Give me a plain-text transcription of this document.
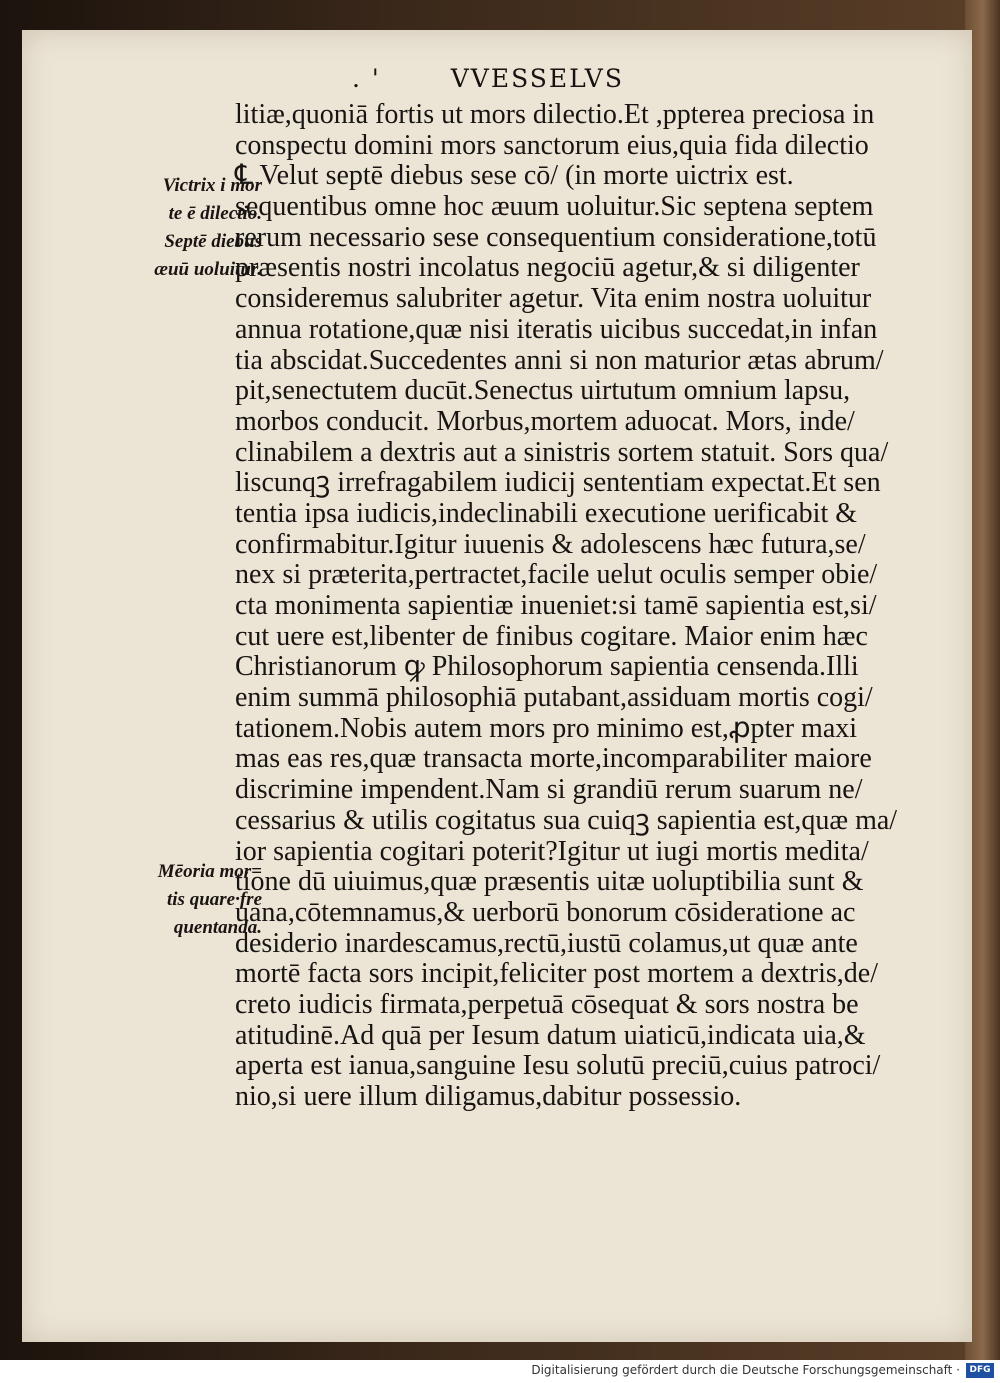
. '	VVESSELVS
Victrix i mor
te ē dilectio.
Septē diebus
æuū uoluitur.
Mēoria mor=
tis quare·fre
quentanda.
litiæ,quoniā fortis ut mors dilectio.Et ,ppterea preciosa in
conspectu domini mors sanctorum eius,quia fida dilectio
℄ Velut septē diebus sese cō/ (in morte uictrix est.
sequentibus omne hoc æuum uoluitur.Sic septena septem
rerum necessario sese consequentium consideratione,totū
præsentis nostri incolatus negociū agetur,& si diligenter
consideremus salubriter agetur. Vita enim nostra uoluitur
annua rotatione,quæ nisi iteratis uicibus succedat,in infan
tia abscidat.Succedentes anni si non maturior ætas abrum/
pit,senectutem ducūt.Senectus uirtutum omnium lapsu,
morbos conducit. Morbus,mortem aduocat. Mors, inde/
clinabilem a dextris aut a sinistris sortem statuit. Sors qua/
liscunqꝫ irrefragabilem iudicij sententiam expectat.Et sen
tentia ipsa iudicis,indeclinabili executione uerificabit &
confirmabitur.Igitur iuuenis & adolescens hæc futura,se/
nex si præterita,pertractet,facile uelut oculis semper obie/
cta monimenta sapientiæ inueniet:si tamē sapientia est,si/
cut uere est,libenter de finibus cogitare. Maior enim hæc
Christianorum ꝙ Philosophorum sapientia censenda.Illi
enim summā philosophiā putabant,assiduam mortis cogi/
tationem.Nobis autem mors pro minimo est,ꝓpter maxi
mas eas res,quæ transacta morte,incomparabiliter maiore
discrimine impendent.Nam si grandiū rerum suarum ne/
cessarius & utilis cogitatus sua cuiqꝫ sapientia est,quæ ma/
ior sapientia cogitari poterit?Igitur ut iugi mortis medita/
tione dū uiuimus,quæ præsentis uitæ uoluptibilia sunt &
uana,cōtemnamus,& uerborū bonorum cōsideratione ac
desiderio inardescamus,rectū,iustū colamus,ut quæ ante
mortē facta sors incipit,feliciter post mortem a dextris,de/
creto iudicis firmata,perpetuā cōsequat & sors nostra be
atitudinē.Ad quā per Iesum datum uiaticū,indicata uia,&
aperta est ianua,sanguine Iesu solutū preciū,cuius patroci/
nio,si uere illum diligamus,dabitur possessio.
Digitalisierung gefördert durch die Deutsche Forschungsgemeinschaft ·	DFG
